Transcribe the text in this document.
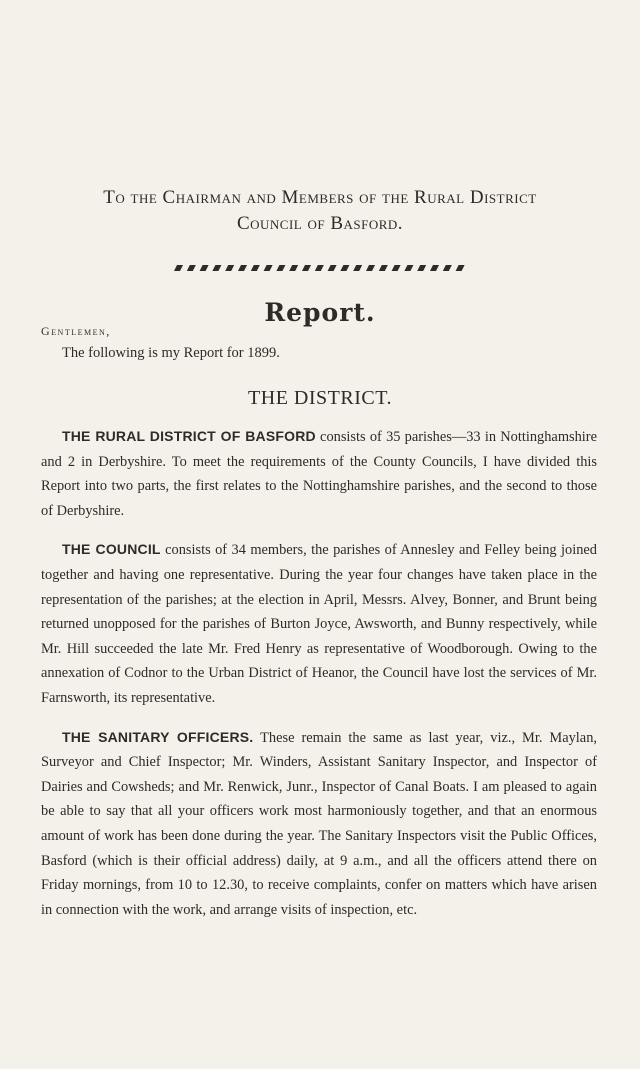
To the Chairman and Members of the Rural District
Council of Basford.
Report.
Gentlemen,
The following is my Report for 1899.
THE DISTRICT.

THE RURAL DISTRICT OF BASFORD consists of 35 parishes—33 in Nottinghamshire and 2 in Derbyshire. To meet the requirements of the County Councils, I have divided this Report into two parts, the first relates to the Nottinghamshire parishes, and the second to those of Derbyshire.

THE COUNCIL consists of 34 members, the parishes of Annesley and Felley being joined together and having one representative. During the year four changes have taken place in the representation of the parishes; at the election in April, Messrs. Alvey, Bonner, and Brunt being returned unopposed for the parishes of Burton Joyce, Awsworth, and Bunny respectively, while Mr. Hill succeeded the late Mr. Fred Henry as representative of Woodborough. Owing to the annexation of Codnor to the Urban District of Heanor, the Council have lost the services of Mr. Farnsworth, its representative.

THE SANITARY OFFICERS. These remain the same as last year, viz., Mr. Maylan, Surveyor and Chief Inspector; Mr. Winders, Assistant Sanitary Inspector, and Inspector of Dairies and Cowsheds; and Mr. Renwick, Junr., Inspector of Canal Boats. I am pleased to again be able to say that all your officers work most harmoniously together, and that an enormous amount of work has been done during the year. The Sanitary Inspectors visit the Public Offices, Basford (which is their official address) daily, at 9 a.m., and all the officers attend there on Friday mornings, from 10 to 12.30, to receive complaints, confer on matters which have arisen in connection with the work, and arrange visits of inspection, etc.
